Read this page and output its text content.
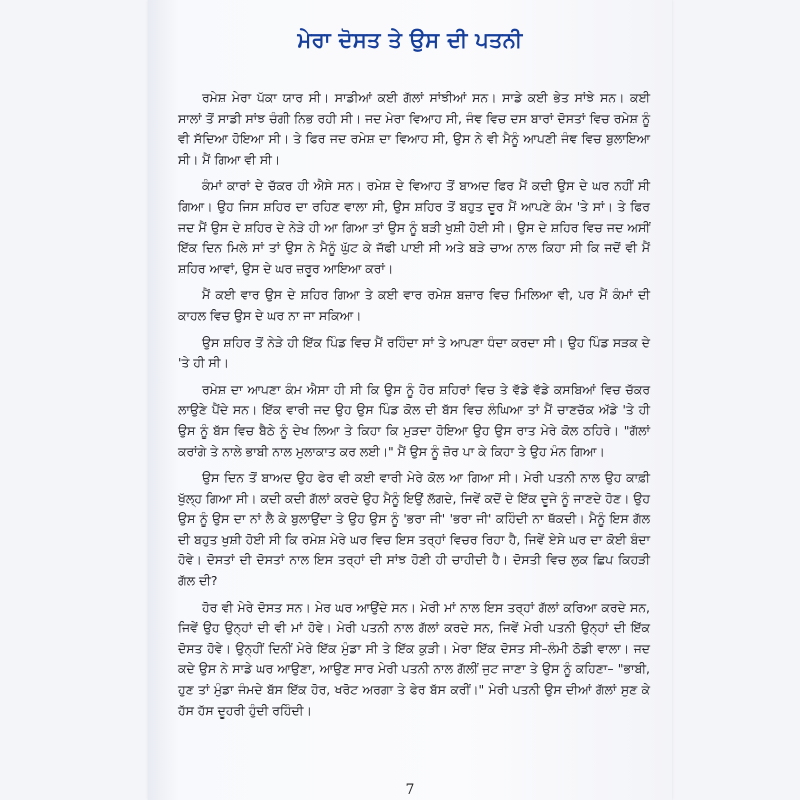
ਮੇਰਾ ਦੋਸਤ ਤੇ ਉਸ ਦੀ ਪਤਨੀ

ਰਮੇਸ਼ ਮੇਰਾ ਪੱਕਾ ਯਾਰ ਸੀ। ਸਾਡੀਆਂ ਕਈ ਗੱਲਾਂ ਸਾਂਝੀਆਂ ਸਨ। ਸਾਡੇ ਕਈ ਭੇਤ ਸਾਂਝੇ ਸਨ। ਕਈ ਸਾਲਾਂ ਤੋਂ ਸਾਡੀ ਸਾਂਝ ਚੰਗੀ ਨਿਭ ਰਹੀ ਸੀ। ਜਦ ਮੇਰਾ ਵਿਆਹ ਸੀ, ਜੰਞ ਵਿਚ ਦਸ ਬਾਰਾਂ ਦੋਸਤਾਂ ਵਿਚ ਰਮੇਸ਼ ਨੂੰ ਵੀ ਸੱਦਿਆ ਹੋਇਆ ਸੀ। ਤੇ ਫਿਰ ਜਦ ਰਮੇਸ਼ ਦਾ ਵਿਆਹ ਸੀ, ਉਸ ਨੇ ਵੀ ਮੈਨੂੰ ਆਪਣੀ ਜੰਞ ਵਿਚ ਬੁਲਾਇਆ ਸੀ। ਮੈਂ ਗਿਆ ਵੀ ਸੀ।

ਕੰਮਾਂ ਕਾਰਾਂ ਦੇ ਚੱਕਰ ਹੀ ਐਸੇ ਸਨ। ਰਮੇਸ਼ ਦੇ ਵਿਆਹ ਤੋਂ ਬਾਅਦ ਫਿਰ ਮੈਂ ਕਦੀ ਉਸ ਦੇ ਘਰ ਨਹੀਂ ਸੀ ਗਿਆ। ਉਹ ਜਿਸ ਸ਼ਹਿਰ ਦਾ ਰਹਿਣ ਵਾਲਾ ਸੀ, ਉਸ ਸ਼ਹਿਰ ਤੋਂ ਬਹੁਤ ਦੂਰ ਮੈਂ ਆਪਣੇ ਕੰਮ 'ਤੇ ਸਾਂ। ਤੇ ਫਿਰ ਜਦ ਮੈਂ ਉਸ ਦੇ ਸ਼ਹਿਰ ਦੇ ਨੇੜੇ ਹੀ ਆ ਗਿਆ ਤਾਂ ਉਸ ਨੂੰ ਬੜੀ ਖੁਸ਼ੀ ਹੋਈ ਸੀ। ਉਸ ਦੇ ਸ਼ਹਿਰ ਵਿਚ ਜਦ ਅਸੀਂ ਇੱਕ ਦਿਨ ਮਿਲੇ ਸਾਂ ਤਾਂ ਉਸ ਨੇ ਮੈਨੂੰ ਘੁੱਟ ਕੇ ਜੱਫੀ ਪਾਈ ਸੀ ਅਤੇ ਬੜੇ ਚਾਅ ਨਾਲ ਕਿਹਾ ਸੀ ਕਿ ਜਦੋਂ ਵੀ ਮੈਂ ਸ਼ਹਿਰ ਆਵਾਂ, ਉਸ ਦੇ ਘਰ ਜ਼ਰੂਰ ਆਇਆ ਕਰਾਂ।

ਮੈਂ ਕਈ ਵਾਰ ਉਸ ਦੇ ਸ਼ਹਿਰ ਗਿਆ ਤੇ ਕਈ ਵਾਰ ਰਮੇਸ਼ ਬਜ਼ਾਰ ਵਿਚ ਮਿਲਿਆ ਵੀ, ਪਰ ਮੈਂ ਕੰਮਾਂ ਦੀ ਕਾਹਲ ਵਿਚ ਉਸ ਦੇ ਘਰ ਨਾ ਜਾ ਸਕਿਆ।

ਉਸ ਸ਼ਹਿਰ ਤੋਂ ਨੇੜੇ ਹੀ ਇੱਕ ਪਿੰਡ ਵਿਚ ਮੈਂ ਰਹਿੰਦਾ ਸਾਂ ਤੇ ਆਪਣਾ ਧੰਦਾ ਕਰਦਾ ਸੀ। ਉਹ ਪਿੰਡ ਸੜਕ ਦੇ 'ਤੇ ਹੀ ਸੀ।

ਰਮੇਸ਼ ਦਾ ਆਪਣਾ ਕੰਮ ਐਸਾ ਹੀ ਸੀ ਕਿ ਉਸ ਨੂੰ ਹੋਰ ਸ਼ਹਿਰਾਂ ਵਿਚ ਤੇ ਵੱਡੇ ਵੱਡੇ ਕਸਬਿਆਂ ਵਿਚ ਚੱਕਰ ਲਾਉਣੇ ਪੈਂਦੇ ਸਨ। ਇੱਕ ਵਾਰੀ ਜਦ ਉਹ ਉਸ ਪਿੰਡ ਕੋਲ ਦੀ ਬੱਸ ਵਿਚ ਲੰਘਿਆ ਤਾਂ ਮੈਂ ਚਾਣਚੱਕ ਅੱਡੇ 'ਤੇ ਹੀ ਉਸ ਨੂੰ ਬੱਸ ਵਿਚ ਬੈਠੇ ਨੂੰ ਦੇਖ ਲਿਆ ਤੇ ਕਿਹਾ ਕਿ ਮੁੜਦਾ ਹੋਇਆ ਉਹ ਉਸ ਰਾਤ ਮੇਰੇ ਕੋਲ ਠਹਿਰੇ। "ਗੱਲਾਂ ਕਰਾਂਗੇ ਤੇ ਨਾਲੇ ਭਾਬੀ ਨਾਲ ਮੁਲਾਕਾਤ ਕਰ ਲਈ।" ਮੈਂ ਉਸ ਨੂੰ ਜ਼ੋਰ ਪਾ ਕੇ ਕਿਹਾ ਤੇ ਉਹ ਮੰਨ ਗਿਆ।

ਉਸ ਦਿਨ ਤੋਂ ਬਾਅਦ ਉਹ ਫੇਰ ਵੀ ਕਈ ਵਾਰੀ ਮੇਰੇ ਕੋਲ ਆ ਗਿਆ ਸੀ। ਮੇਰੀ ਪਤਨੀ ਨਾਲ ਉਹ ਕਾਫ਼ੀ ਖੁੱਲ੍ਹ ਗਿਆ ਸੀ। ਕਦੀ ਕਦੀ ਗੱਲਾਂ ਕਰਦੇ ਉਹ ਮੈਨੂੰ ਇਉਂ ਲੱਗਦੇ, ਜਿਵੇਂ ਕਦੋਂ ਦੇ ਇੱਕ ਦੂਜੇ ਨੂੰ ਜਾਣਦੇ ਹੋਣ। ਉਹ ਉਸ ਨੂੰ ਉਸ ਦਾ ਨਾਂ ਲੈ ਕੇ ਬੁਲਾਉਂਦਾ ਤੇ ਉਹ ਉਸ ਨੂੰ 'ਭਰਾ ਜੀ' 'ਭਰਾ ਜੀ' ਕਹਿੰਦੀ ਨਾ ਥੱਕਦੀ। ਮੈਨੂੰ ਇਸ ਗੱਲ ਦੀ ਬਹੁਤ ਖੁਸ਼ੀ ਹੋਈ ਸੀ ਕਿ ਰਮੇਸ਼ ਮੇਰੇ ਘਰ ਵਿਚ ਇਸ ਤਰ੍ਹਾਂ ਵਿਚਰ ਰਿਹਾ ਹੈ, ਜਿਵੇਂ ਏਸੇ ਘਰ ਦਾ ਕੋਈ ਬੰਦਾ ਹੋਵੇ। ਦੋਸਤਾਂ ਦੀ ਦੋਸਤਾਂ ਨਾਲ ਇਸ ਤਰ੍ਹਾਂ ਦੀ ਸਾਂਝ ਹੋਣੀ ਹੀ ਚਾਹੀਦੀ ਹੈ। ਦੋਸਤੀ ਵਿਚ ਲੁਕ ਛਿਪ ਕਿਹੜੀ ਗੱਲ ਦੀ?

ਹੋਰ ਵੀ ਮੇਰੇ ਦੋਸਤ ਸਨ। ਮੇਰ ਘਰ ਆਉਂਦੇ ਸਨ। ਮੇਰੀ ਮਾਂ ਨਾਲ ਇਸ ਤਰ੍ਹਾਂ ਗੱਲਾਂ ਕਰਿਆ ਕਰਦੇ ਸਨ, ਜਿਵੇਂ ਉਹ ਉਨ੍ਹਾਂ ਦੀ ਵੀ ਮਾਂ ਹੋਵੇ। ਮੇਰੀ ਪਤਨੀ ਨਾਲ ਗੱਲਾਂ ਕਰਦੇ ਸਨ, ਜਿਵੇਂ ਮੇਰੀ ਪਤਨੀ ਉਨ੍ਹਾਂ ਦੀ ਇੱਕ ਦੋਸਤ ਹੋਵੇ। ਉਨ੍ਹੀਂ ਦਿਨੀਂ ਮੇਰੇ ਇੱਕ ਮੁੰਡਾ ਸੀ ਤੇ ਇੱਕ ਕੁੜੀ। ਮੇਰਾ ਇੱਕ ਦੋਸਤ ਸੀ–ਲੰਮੀ ਠੋਡੀ ਵਾਲਾ। ਜਦ ਕਦੇ ਉਸ ਨੇ ਸਾਡੇ ਘਰ ਆਉਣਾ, ਆਉਣ ਸਾਰ ਮੇਰੀ ਪਤਨੀ ਨਾਲ ਗੱਲੀਂ ਜੁਟ ਜਾਣਾ ਤੇ ਉਸ ਨੂੰ ਕਹਿਣਾ– "ਭਾਬੀ, ਹੁਣ ਤਾਂ ਮੁੰਡਾ ਜੰਮਦੇ ਬੱਸ ਇੱਕ ਹੋਰ, ਖਰੋਟ ਅਰਗਾ ਤੇ ਫੇਰ ਬੱਸ ਕਰੀਂ।" ਮੇਰੀ ਪਤਨੀ ਉਸ ਦੀਆਂ ਗੱਲਾਂ ਸੁਣ ਕੇ ਹੱਸ ਹੱਸ ਦੂਹਰੀ ਹੁੰਦੀ ਰਹਿੰਦੀ।

7
